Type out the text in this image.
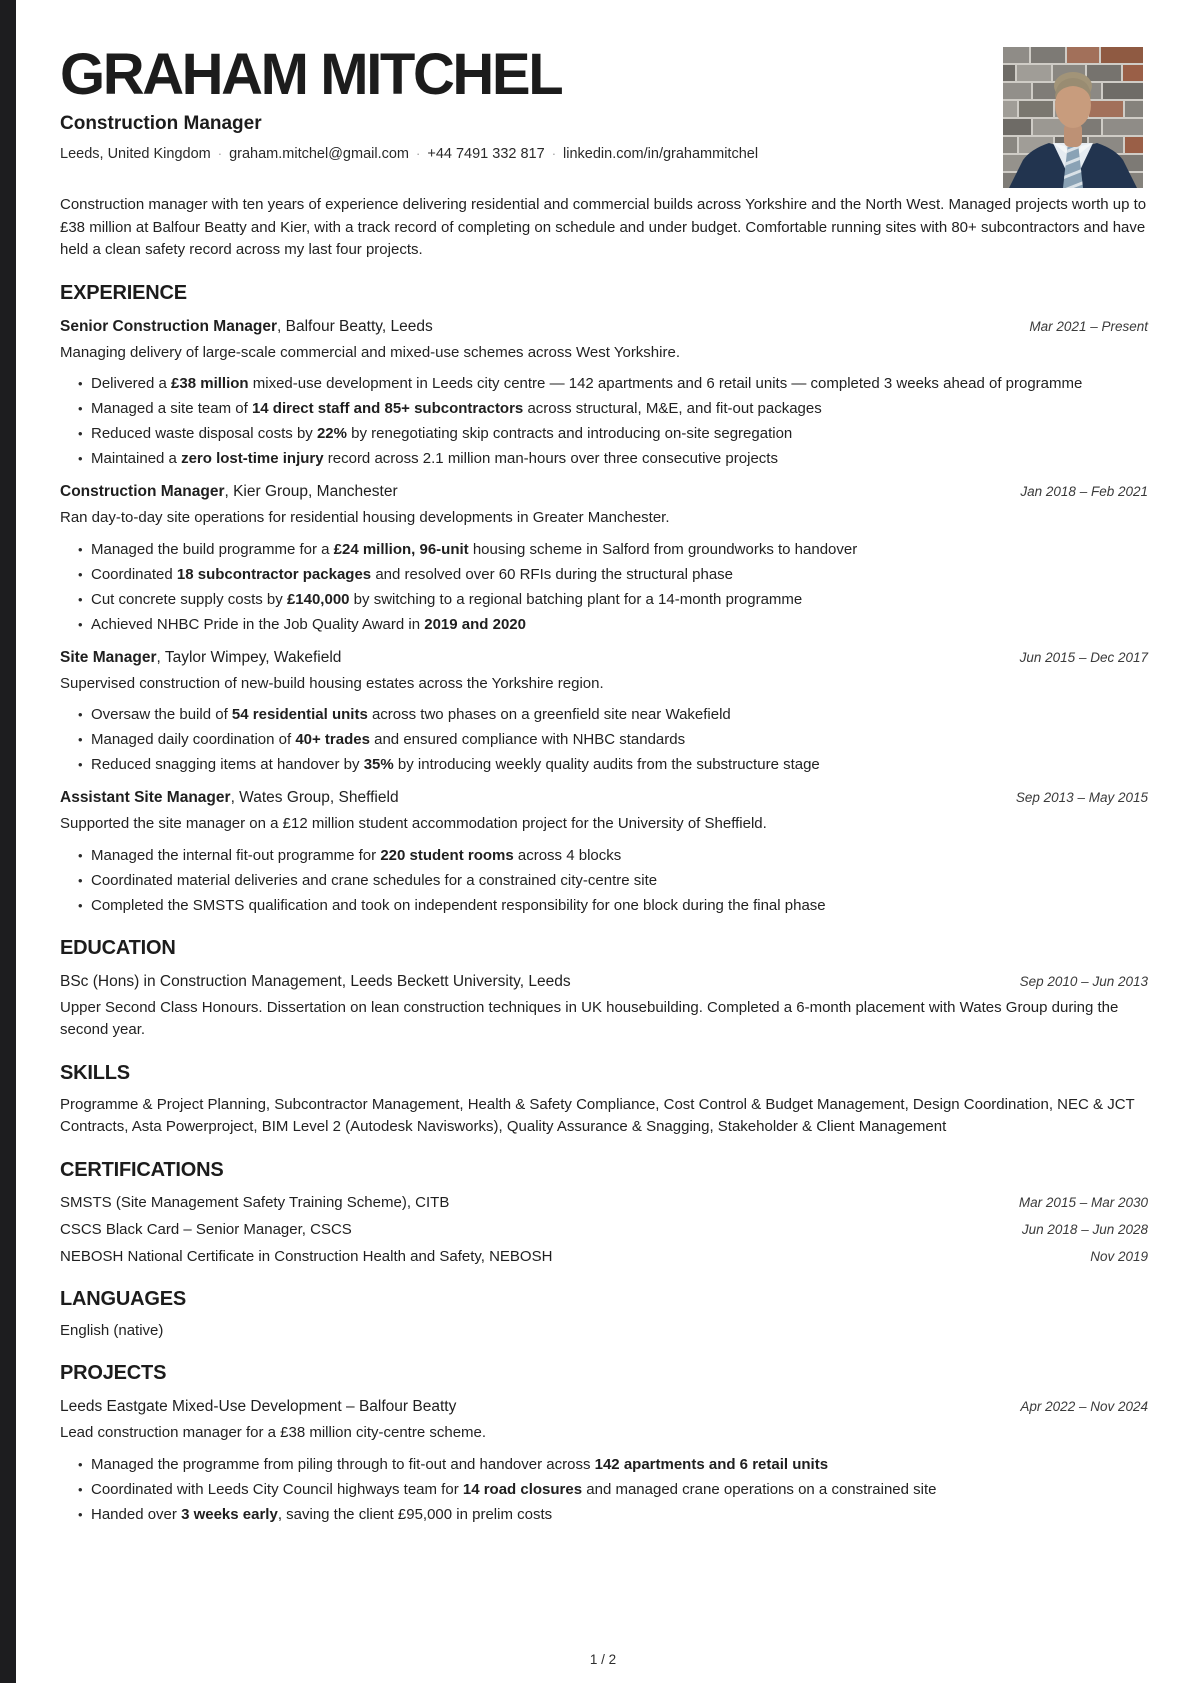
GRAHAM MITCHEL
Construction Manager
Leeds, United Kingdom · graham.mitchel@gmail.com · +44 7491 332 817 · linkedin.com/in/grahammitchel

Construction manager with ten years of experience delivering residential and commercial builds across Yorkshire and the North West. Managed projects worth up to £38 million at Balfour Beatty and Kier, with a track record of completing on schedule and under budget. Comfortable running sites with 80+ subcontractors and have held a clean safety record across my last four projects.

EXPERIENCE
Senior Construction Manager, Balfour Beatty, Leeds	Mar 2021 – Present
Managing delivery of large-scale commercial and mixed-use schemes across West Yorkshire.
• Delivered a £38 million mixed-use development in Leeds city centre — 142 apartments and 6 retail units — completed 3 weeks ahead of programme
• Managed a site team of 14 direct staff and 85+ subcontractors across structural, M&E, and fit-out packages
• Reduced waste disposal costs by 22% by renegotiating skip contracts and introducing on-site segregation
• Maintained a zero lost-time injury record across 2.1 million man-hours over three consecutive projects
Construction Manager, Kier Group, Manchester	Jan 2018 – Feb 2021
Ran day-to-day site operations for residential housing developments in Greater Manchester.
• Managed the build programme for a £24 million, 96-unit housing scheme in Salford from groundworks to handover
• Coordinated 18 subcontractor packages and resolved over 60 RFIs during the structural phase
• Cut concrete supply costs by £140,000 by switching to a regional batching plant for a 14-month programme
• Achieved NHBC Pride in the Job Quality Award in 2019 and 2020
Site Manager, Taylor Wimpey, Wakefield	Jun 2015 – Dec 2017
Supervised construction of new-build housing estates across the Yorkshire region.
• Oversaw the build of 54 residential units across two phases on a greenfield site near Wakefield
• Managed daily coordination of 40+ trades and ensured compliance with NHBC standards
• Reduced snagging items at handover by 35% by introducing weekly quality audits from the substructure stage
Assistant Site Manager, Wates Group, Sheffield	Sep 2013 – May 2015
Supported the site manager on a £12 million student accommodation project for the University of Sheffield.
• Managed the internal fit-out programme for 220 student rooms across 4 blocks
• Coordinated material deliveries and crane schedules for a constrained city-centre site
• Completed the SMSTS qualification and took on independent responsibility for one block during the final phase
EDUCATION
BSc (Hons) in Construction Management, Leeds Beckett University, Leeds	Sep 2010 – Jun 2013
Upper Second Class Honours. Dissertation on lean construction techniques in UK housebuilding. Completed a 6-month placement with Wates Group during the second year.
SKILLS

Programme & Project Planning, Subcontractor Management, Health & Safety Compliance, Cost Control & Budget Management, Design Coordination, NEC & JCT Contracts, Asta Powerproject, BIM Level 2 (Autodesk Navisworks), Quality Assurance & Snagging, Stakeholder & Client Management

CERTIFICATIONS
SMSTS (Site Management Safety Training Scheme), CITB	Mar 2015 – Mar 2030
CSCS Black Card – Senior Manager, CSCS	Jun 2018 – Jun 2028
NEBOSH National Certificate in Construction Health and Safety, NEBOSH	Nov 2019
LANGUAGES

English (native)

PROJECTS
Leeds Eastgate Mixed-Use Development – Balfour Beatty	Apr 2022 – Nov 2024
Lead construction manager for a £38 million city-centre scheme.
• Managed the programme from piling through to fit-out and handover across 142 apartments and 6 retail units
• Coordinated with Leeds City Council highways team for 14 road closures and managed crane operations on a constrained site
• Handed over 3 weeks early, saving the client £95,000 in prelim costs
1 / 2
